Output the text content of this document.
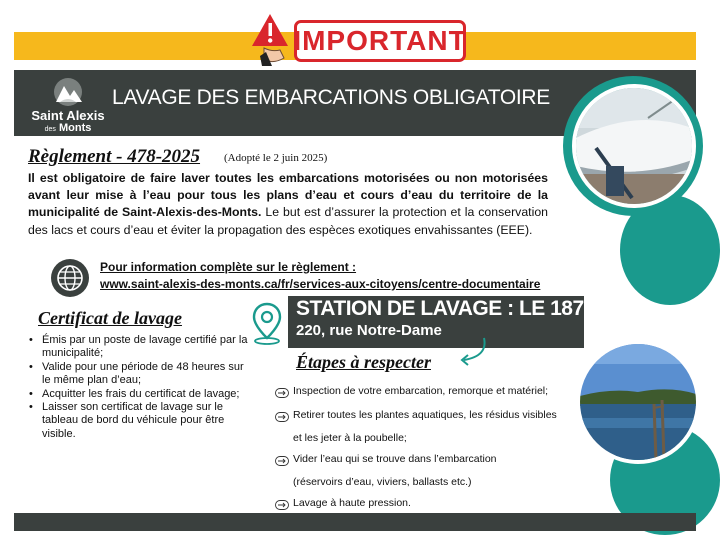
IMPORTANT
Saint Alexis
des Monts
LAVAGE DES EMBARCATIONS OBLIGATOIRE
Règlement - 478-2025 (Adopté le 2 juin 2025)
Il est obligatoire de faire laver toutes les embarcations motorisées ou non motorisées avant leur mise à l’eau pour tous les plans d’eau et cours d’eau du territoire de la municipalité de Saint-Alexis-des-Monts. Le but est d’assurer la protection et la conservation des lacs et cours d’eau et éviter la propagation des espèces exotiques envahissantes (EEE).
Pour information complète sur le règlement :
www.saint-alexis-des-monts.ca/fr/services-aux-citoyens/centre-documentaire
Certificat de lavage
• Émis par un poste de lavage certifié par la municipalité;
• Valide pour une période de 48 heures sur le même plan d’eau;
• Acquitter les frais du certificat de lavage;
• Laisser son certificat de lavage sur le tableau de bord du véhicule pour être visible.
STATION DE LAVAGE : LE 1871
220, rue Notre-Dame
Étapes à respecter
Inspection de votre embarcation, remorque et matériel;
Retirer toutes les plantes aquatiques, les résidus visibles
et les jeter à la poubelle;
Vider l’eau qui se trouve dans l’embarcation
(réservoirs d’eau, viviers, ballasts etc.)
Lavage à haute pression.
